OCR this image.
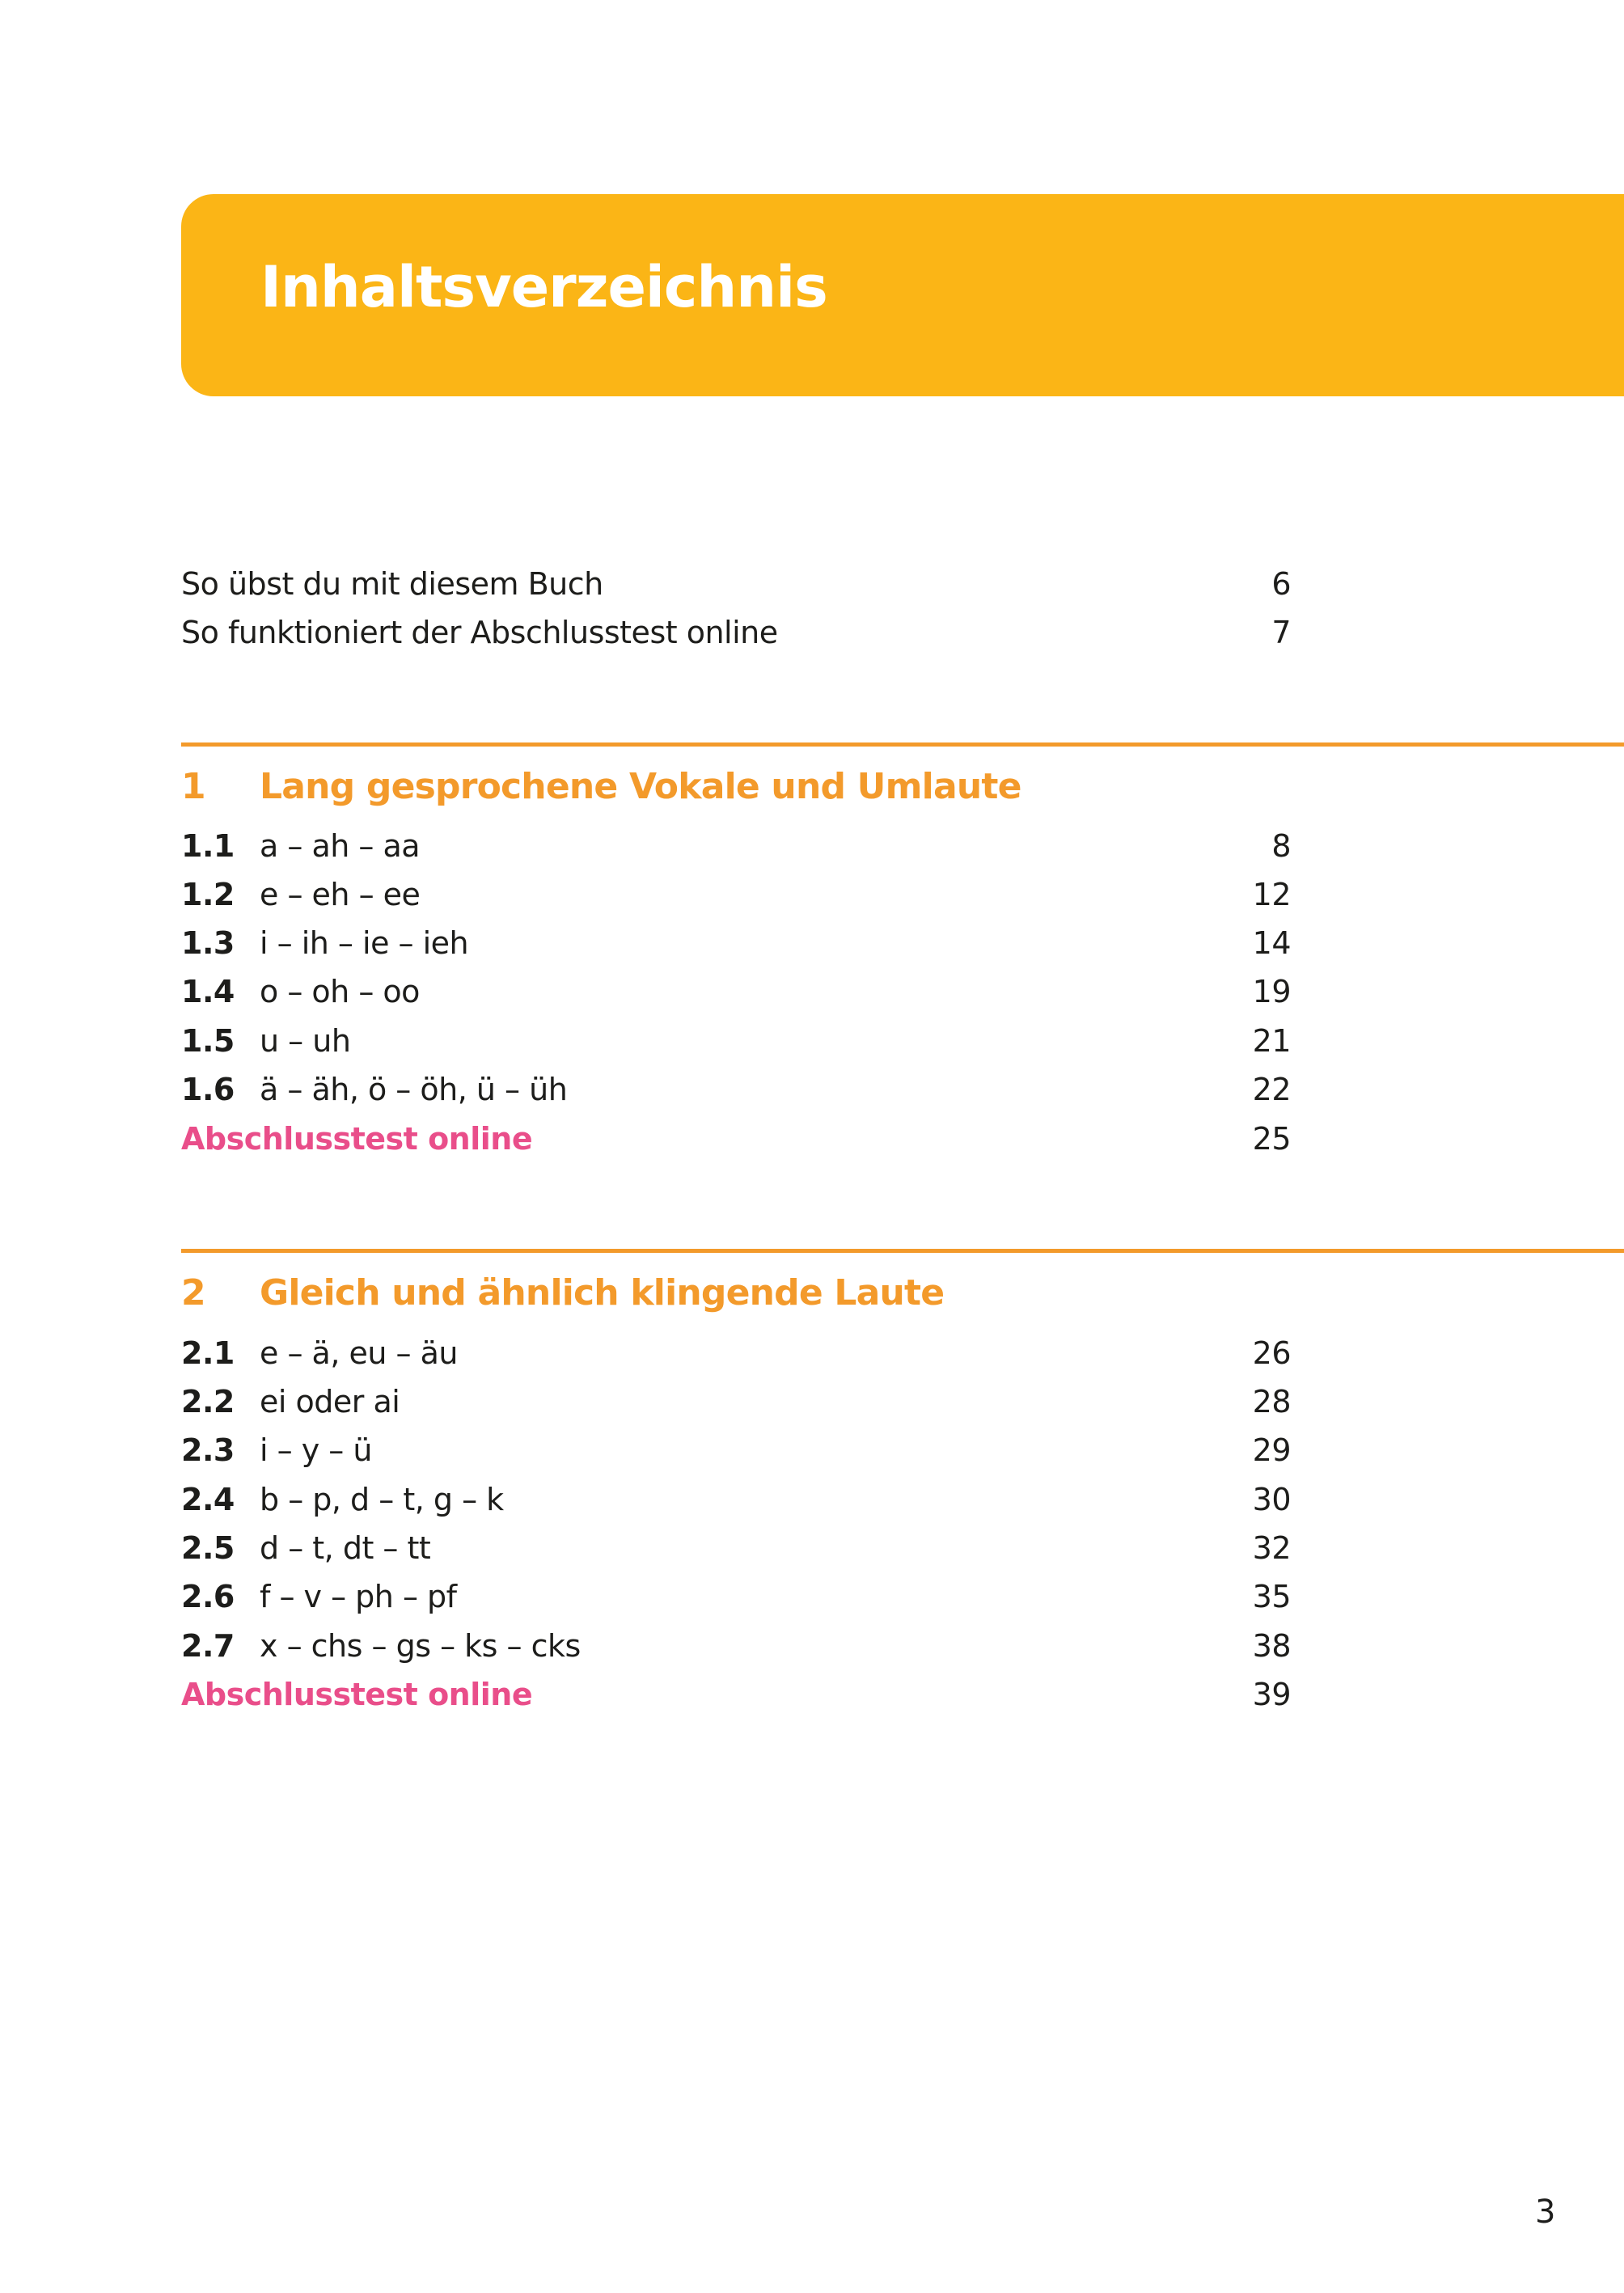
Inhaltsverzeichnis
So übst du mit diesem Buch	6
So funktioniert der Abschlusstest online	7
1	Lang gesprochene Vokale und Umlaute
1.1 a – ah – aa	8
1.2 e – eh – ee	12
1.3 i – ih – ie – ieh	14
1.4 o – oh – oo	19
1.5 u – uh	21
1.6 ä – äh, ö – öh, ü – üh	22
Abschlusstest online	25
2	Gleich und ähnlich klingende Laute
2.1 e – ä, eu – äu	26
2.2 ei oder ai	28
2.3 i – y – ü	29
2.4 b – p, d – t, g – k	30
2.5 d – t, dt – tt	32
2.6 f – v – ph – pf	35
2.7 x – chs – gs – ks – cks	38
Abschlusstest online	39
3
